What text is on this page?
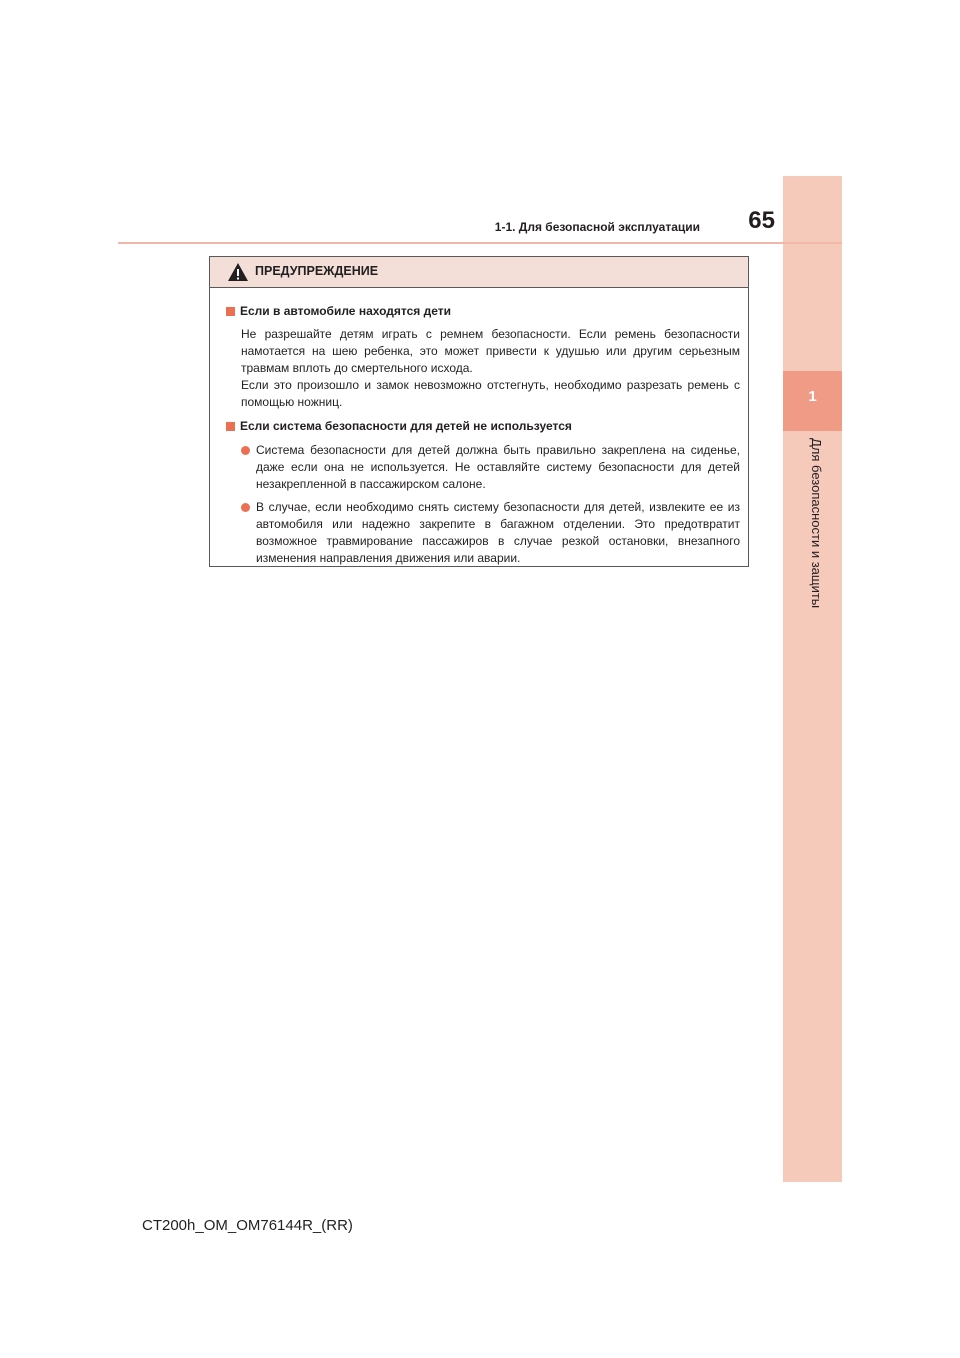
1
Для безопасности и защиты
1-1. Для безопасной эксплуатации	65
ПРЕДУПРЕЖДЕНИЕ
Если в автомобиле находятся дети
Не разрешайте детям играть с ремнем безопасности. Если ремень безопасности намотается на шею ребенка, это может привести к удушью или другим серьезным травмам вплоть до смертельного исхода.
Если это произошло и замок невозможно отстегнуть, необходимо разрезать ремень с помощью ножниц.
Если система безопасности для детей не используется
Система безопасности для детей должна быть правильно закреплена на сиденье, даже если она не используется. Не оставляйте систему безопасности для детей незакрепленной в пассажирском салоне.
В случае, если необходимо снять систему безопасности для детей, извлеките ее из автомобиля или надежно закрепите в багажном отделении. Это предотвратит возможное травмирование пассажиров в случае резкой остановки, внезапного изменения направления движения или аварии.
CT200h_OM_OM76144R_(RR)
